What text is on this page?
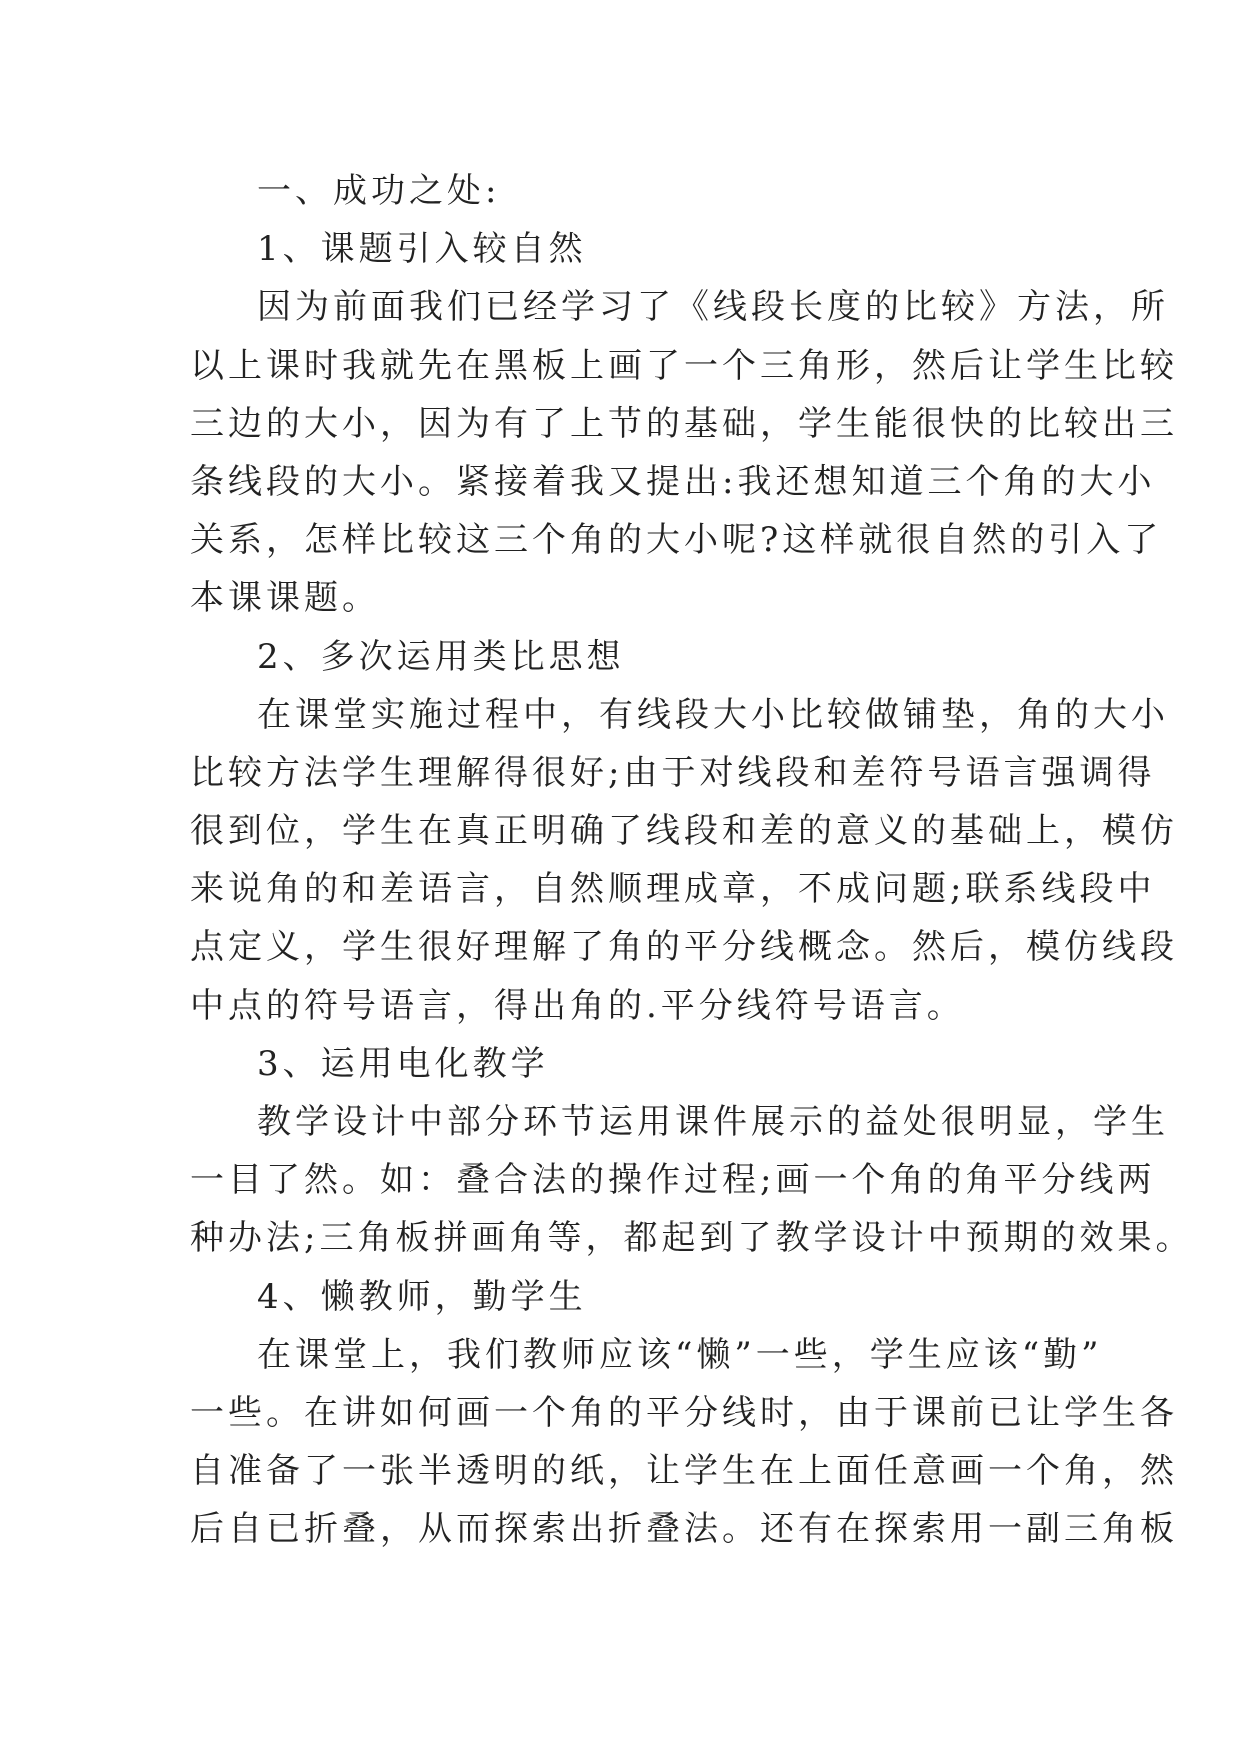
一、成功之处:
1、课题引入较自然
因为前面我们已经学习了《线段长度的比较》方法，所
以上课时我就先在黑板上画了一个三角形，然后让学生比较
三边的大小，因为有了上节的基础，学生能很快的比较出三
条线段的大小。紧接着我又提出:我还想知道三个角的大小
关系，怎样比较这三个角的大小呢?这样就很自然的引入了
本课课题。
2、多次运用类比思想
在课堂实施过程中，有线段大小比较做铺垫，角的大小
比较方法学生理解得很好;由于对线段和差符号语言强调得
很到位，学生在真正明确了线段和差的意义的基础上，模仿
来说角的和差语言，自然顺理成章，不成问题;联系线段中
点定义，学生很好理解了角的平分线概念。然后，模仿线段
中点的符号语言，得出角的.平分线符号语言。
3、运用电化教学
教学设计中部分环节运用课件展示的益处很明显，学生
一目了然。如：叠合法的操作过程;画一个角的角平分线两
种办法;三角板拼画角等，都起到了教学设计中预期的效果。
4、懒教师，勤学生
在课堂上，我们教师应该“懒”一些，学生应该“勤”
一些。在讲如何画一个角的平分线时，由于课前已让学生各
自准备了一张半透明的纸，让学生在上面任意画一个角，然
后自已折叠，从而探索出折叠法。还有在探索用一副三角板
